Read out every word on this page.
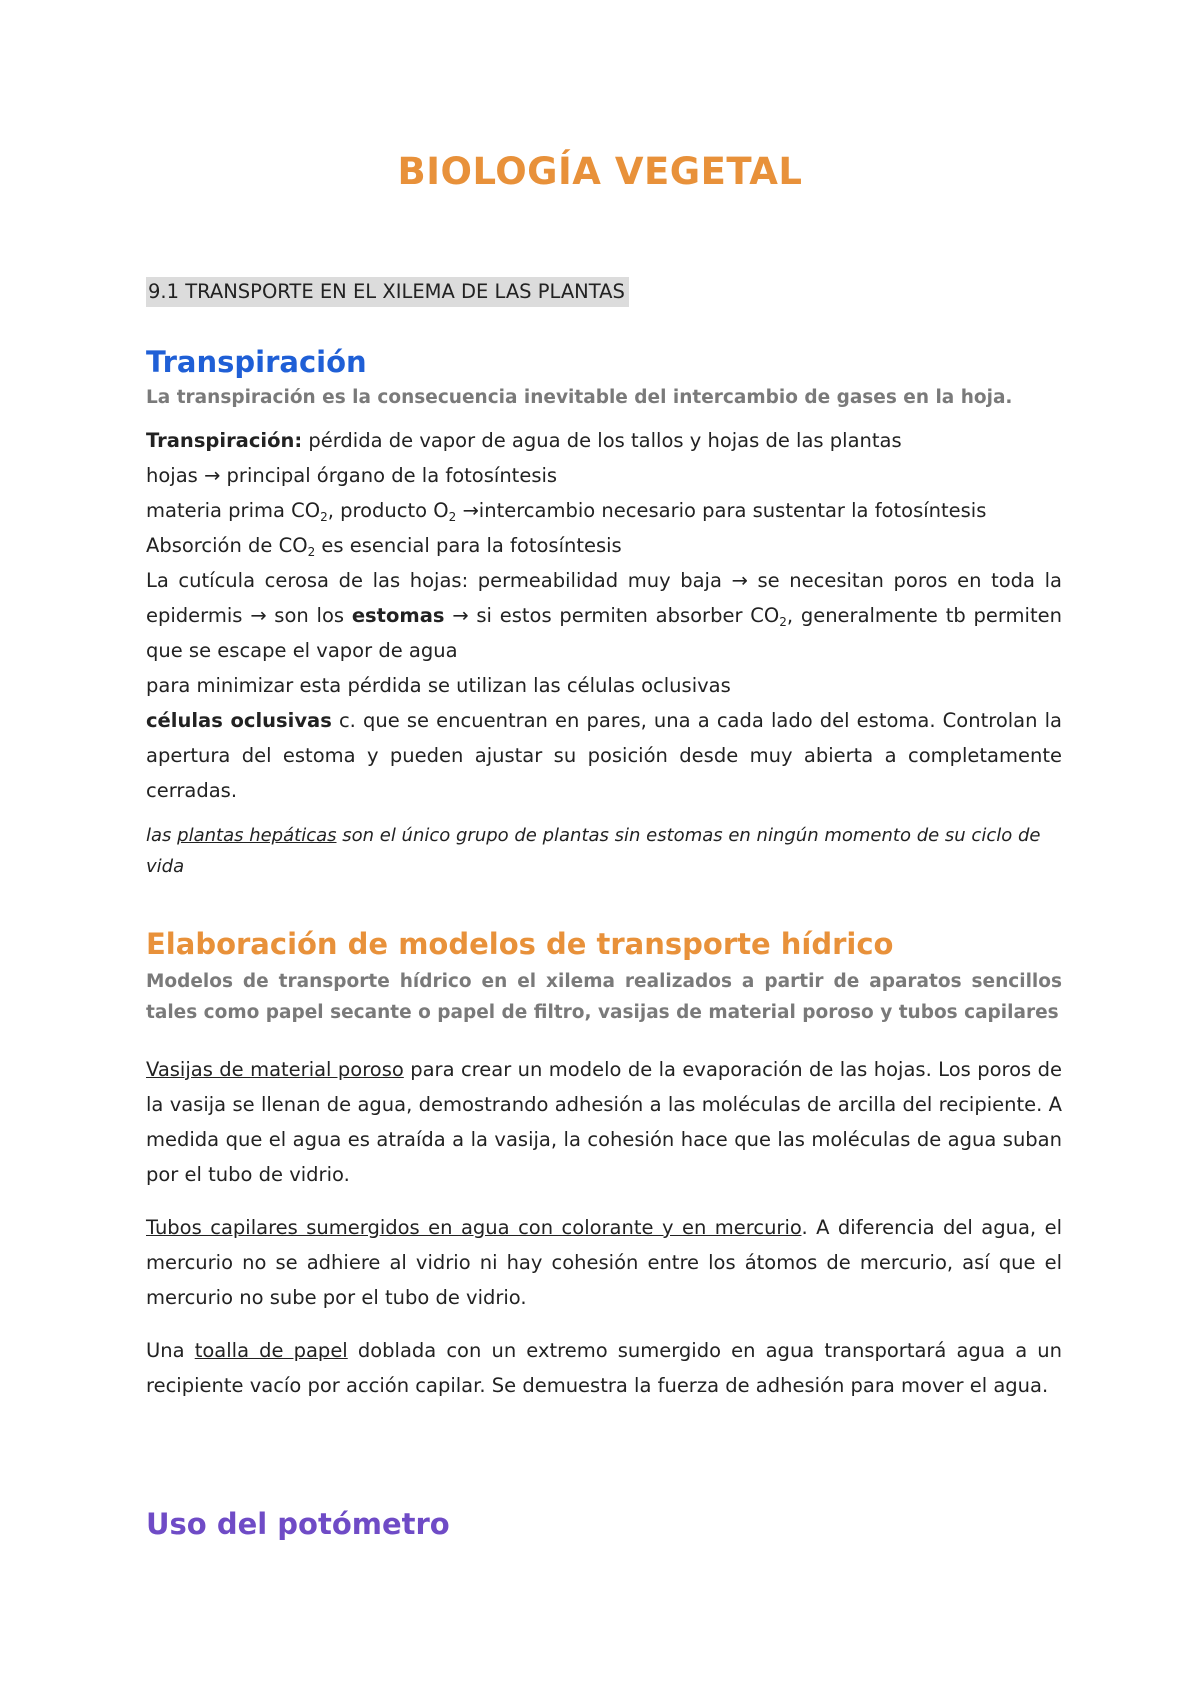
BIOLOGÍA VEGETAL
9.1 TRANSPORTE EN EL XILEMA DE LAS PLANTAS
Transpiración

La transpiración es la consecuencia inevitable del intercambio de gases en la hoja.

Transpiración: pérdida de vapor de agua de los tallos y hojas de las plantas

hojas → principal órgano de la fotosíntesis

materia prima $CO_2$, producto $O_2$ →intercambio necesario para sustentar la fotosíntesis

Absorción de $CO_2$ es esencial para la fotosíntesis

La cutícula cerosa de las hojas: permeabilidad muy baja → se necesitan poros en toda la epidermis → son los estomas → si estos permiten absorber $CO_2$, generalmente tb permiten que se escape el vapor de agua

para minimizar esta pérdida se utilizan las células oclusivas

células oclusivas c. que se encuentran en pares, una a cada lado del estoma. Controlan la apertura del estoma y pueden ajustar su posición desde muy abierta a completamente cerradas.

las plantas hepáticas son el único grupo de plantas sin estomas en ningún momento de su ciclo de vida

Elaboración de modelos de transporte hídrico

Modelos de transporte hídrico en el xilema realizados a partir de aparatos sencillos tales como papel secante o papel de filtro, vasijas de material poroso y tubos capilares

Vasijas de material poroso para crear un modelo de la evaporación de las hojas. Los poros de la vasija se llenan de agua, demostrando adhesión a las moléculas de arcilla del recipiente. A medida que el agua es atraída a la vasija, la cohesión hace que las moléculas de agua suban por el tubo de vidrio.

Tubos capilares sumergidos en agua con colorante y en mercurio. A diferencia del agua, el mercurio no se adhiere al vidrio ni hay cohesión entre los átomos de mercurio, así que el mercurio no sube por el tubo de vidrio.

Una toalla de papel doblada con un extremo sumergido en agua transportará agua a un recipiente vacío por acción capilar. Se demuestra la fuerza de adhesión para mover el agua.

Uso del potómetro
